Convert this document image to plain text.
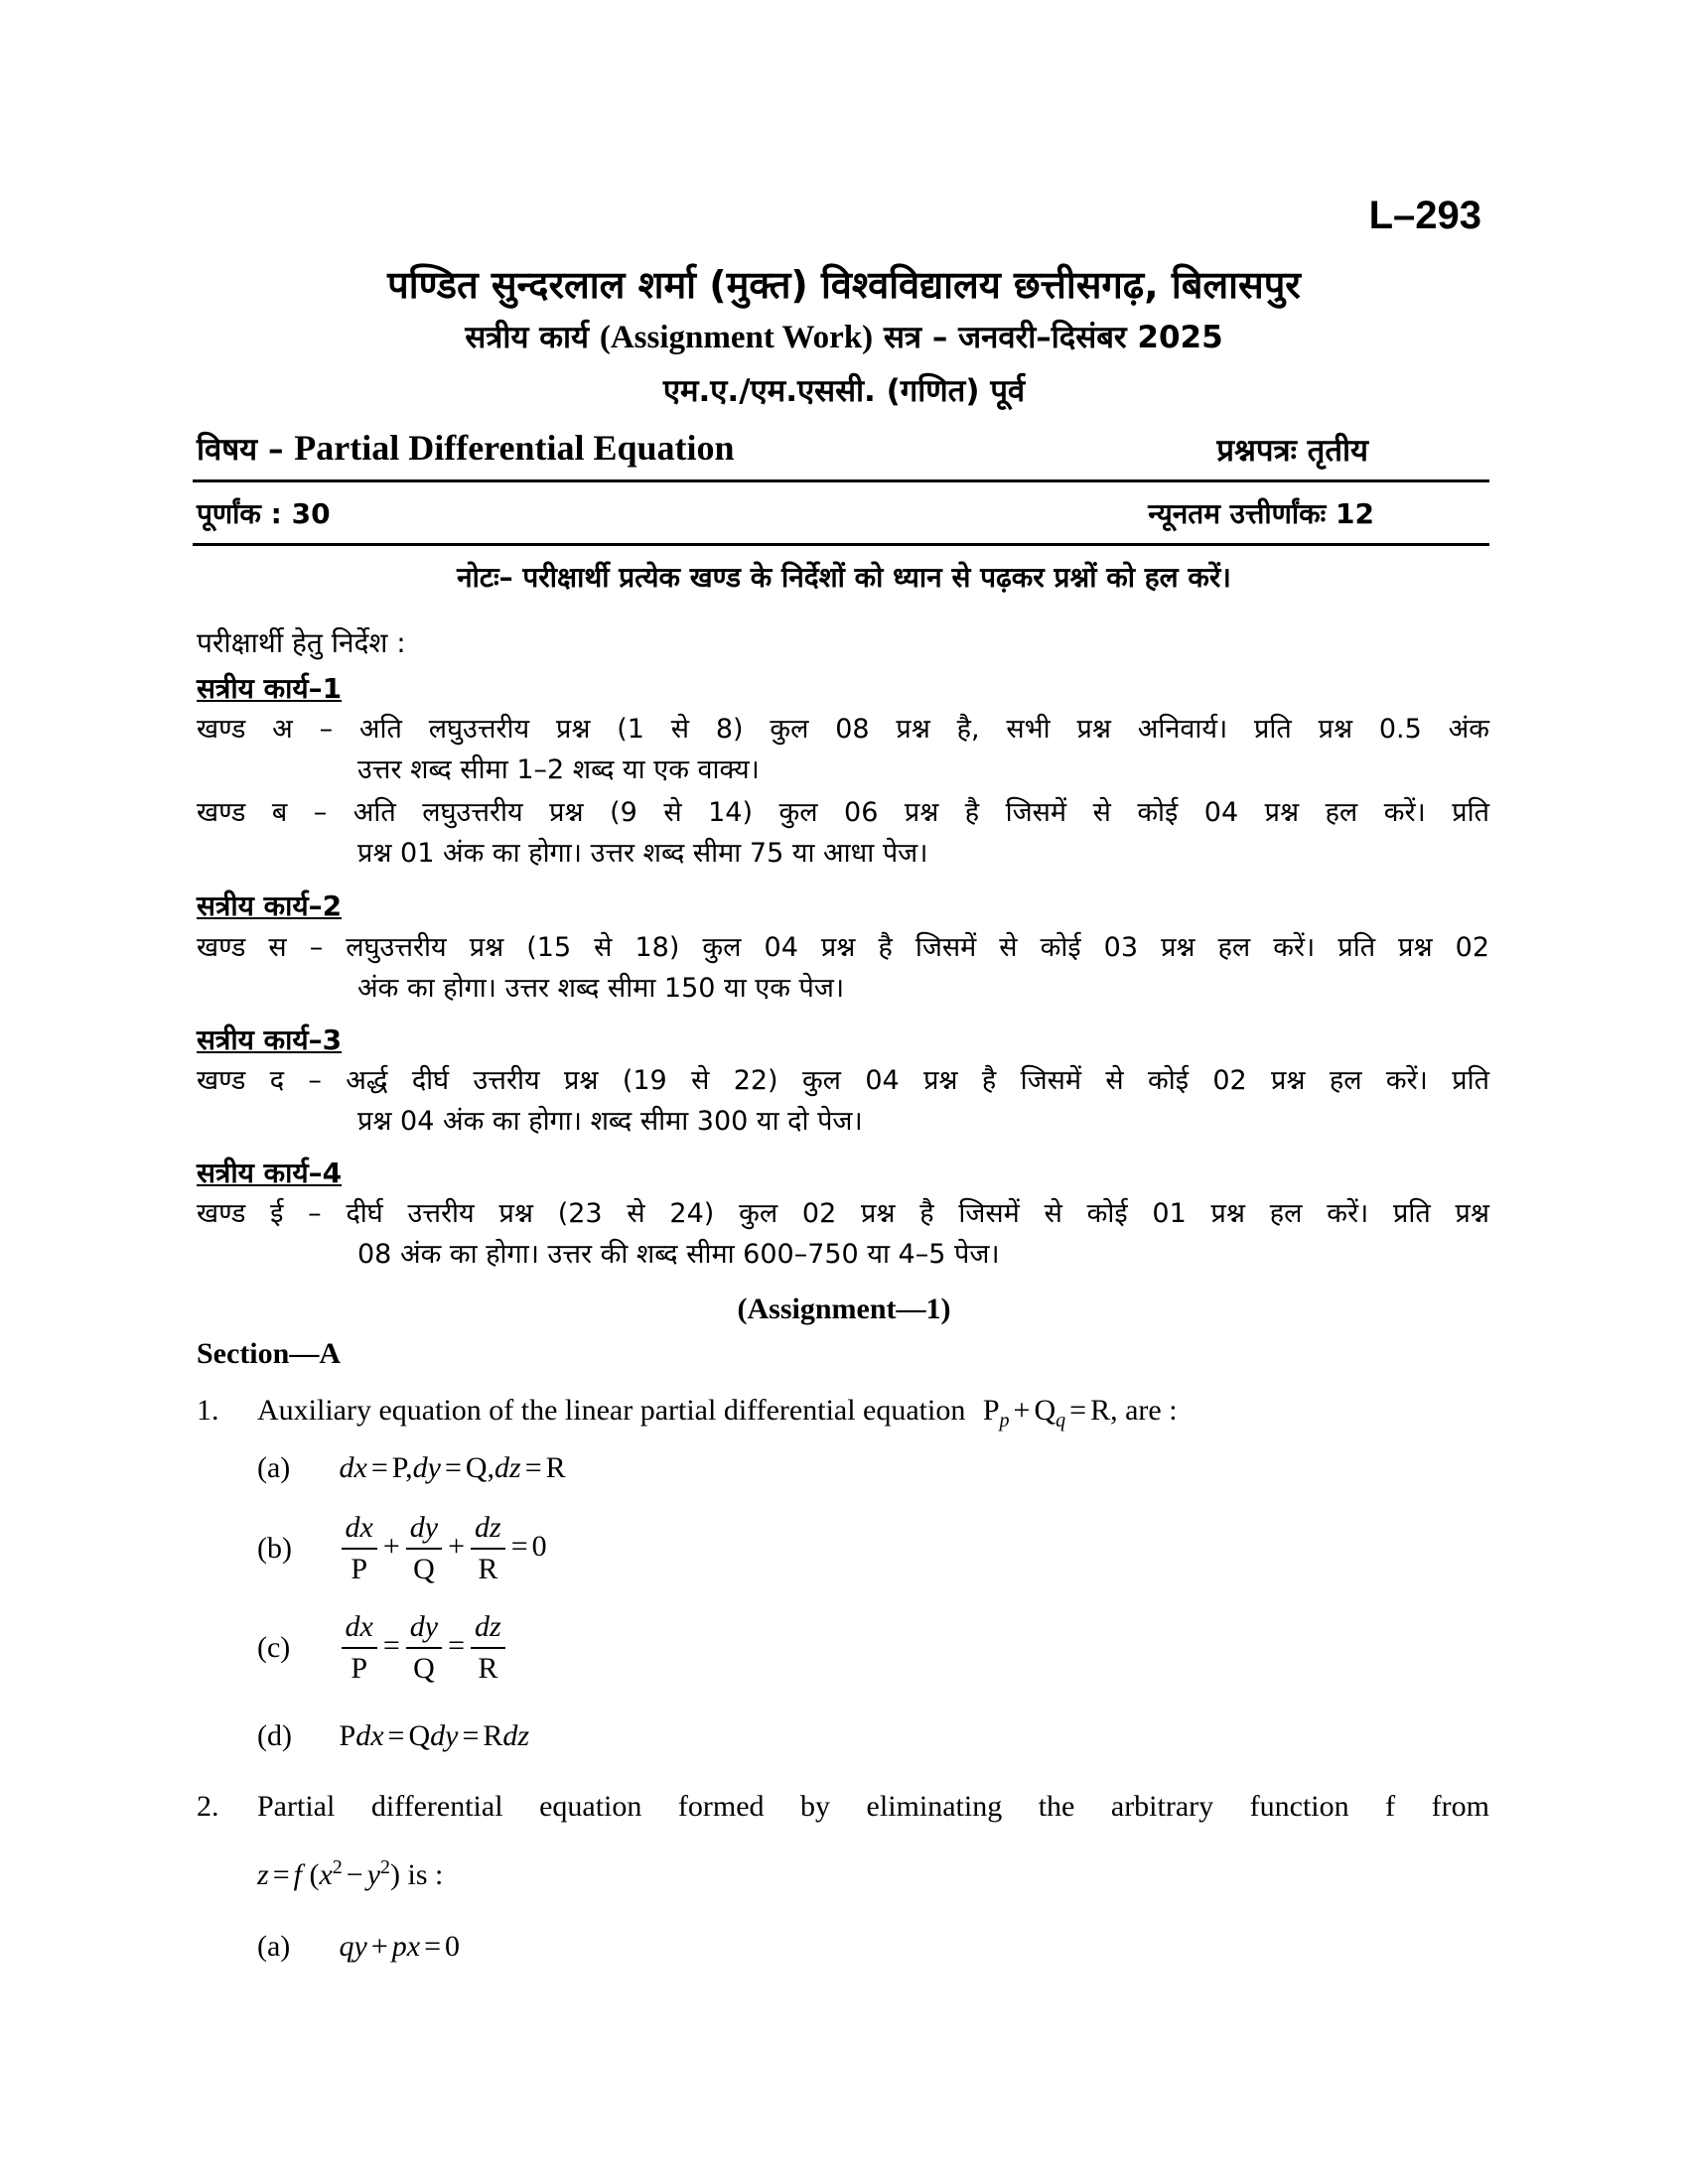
L–293
पण्डित सुन्दरलाल शर्मा (मुक्त) विश्वविद्यालय छत्तीसगढ़, बिलासपुर
सत्रीय कार्य (Assignment Work) सत्र – जनवरी–दिसंबर 2025
एम.ए./एम.एससी. (गणित) पूर्व
विषय – Partial Differential Equation	प्रश्नपत्रः तृतीय
पूर्णांक : 30	न्यूनतम उत्तीर्णांकः 12
नोटः– परीक्षार्थी प्रत्येक खण्ड के निर्देशों को ध्यान से पढ़कर प्रश्नों को हल करें।
परीक्षार्थी हेतु निर्देश :
सत्रीय कार्य–1
खण्ड अ – अति लघुउत्तरीय प्रश्न (1 से 8) कुल 08 प्रश्न है, सभी प्रश्न अनिवार्य। प्रति प्रश्न 0.5 अंक
उत्तर शब्द सीमा 1–2 शब्द या एक वाक्य।
खण्ड ब – अति लघुउत्तरीय प्रश्न (9 से 14) कुल 06 प्रश्न है जिसमें से कोई 04 प्रश्न हल करें। प्रति
प्रश्न 01 अंक का होगा। उत्तर शब्द सीमा 75 या आधा पेज।
सत्रीय कार्य–2
खण्ड स – लघुउत्तरीय प्रश्न (15 से 18) कुल 04 प्रश्न है जिसमें से कोई 03 प्रश्न हल करें। प्रति प्रश्न 02
अंक का होगा। उत्तर शब्द सीमा 150 या एक पेज।
सत्रीय कार्य–3
खण्ड द – अर्द्ध दीर्घ उत्तरीय प्रश्न (19 से 22) कुल 04 प्रश्न है जिसमें से कोई 02 प्रश्न हल करें। प्रति
प्रश्न 04 अंक का होगा। शब्द सीमा 300 या दो पेज।
सत्रीय कार्य–4
खण्ड ई – दीर्घ उत्तरीय प्रश्न (23 से 24) कुल 02 प्रश्न है जिसमें से कोई 01 प्रश्न हल करें। प्रति प्रश्न
08 अंक का होगा। उत्तर की शब्द सीमा 600–750 या 4–5 पेज।
(Assignment—1)
Section—A
1. Auxiliary equation of the linear partial differential equation $P_p + Q_q = R$, are :
(a) dx = P,dy = Q,dz = R
$(b) \frac{dx}{P} + \frac{dy}{Q} + \frac{dz}{R} = 0$
$(c) \frac{dx}{P} = \frac{dy}{Q} = \frac{dz}{R}$
(d) Pdx = Qdy = Rdz
2. Partial differential equation formed by eliminating the arbitrary function f from
z = f $(x^2 - y^2)$ is :
(a) qy + px = 0
